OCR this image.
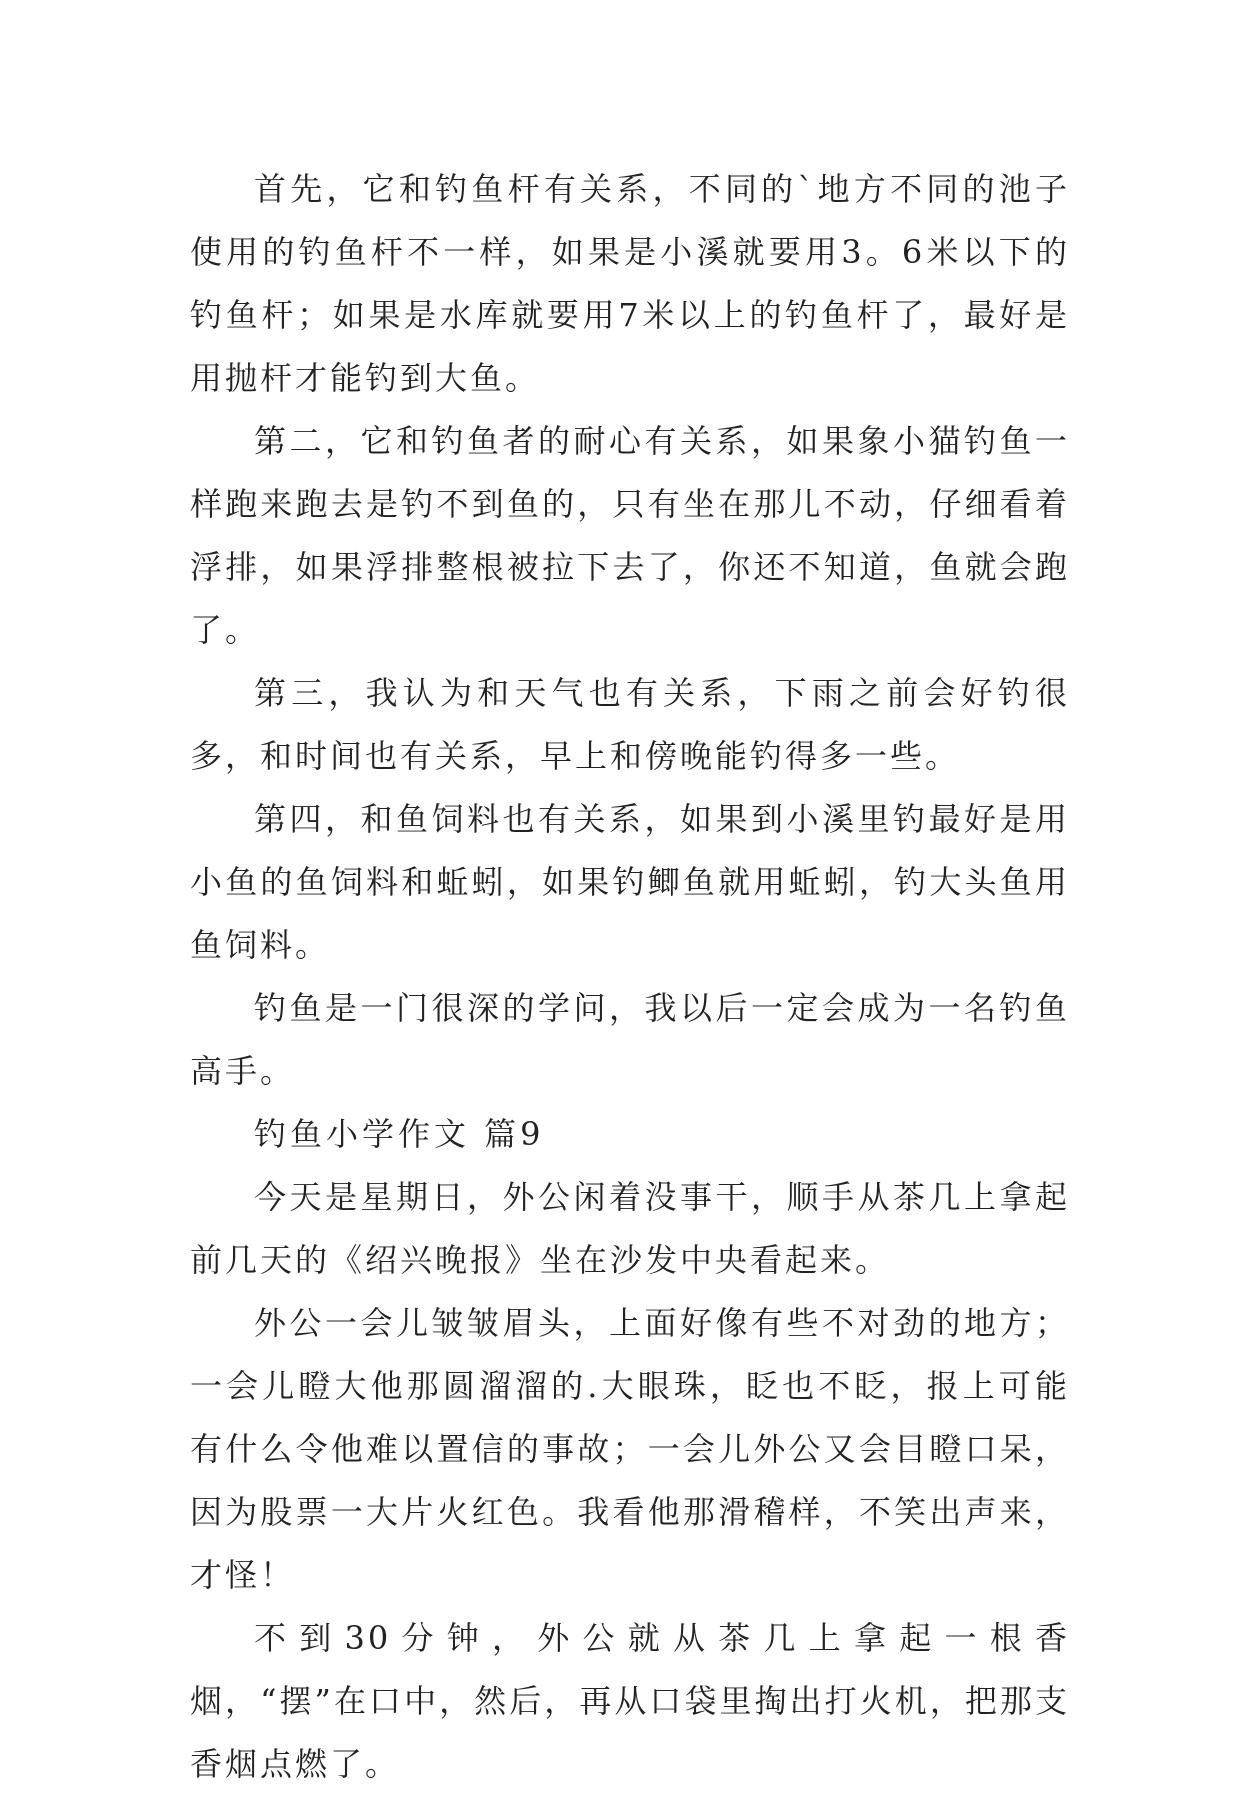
首先，它和钓鱼杆有关系，不同的`地方不同的池子使用的钓鱼杆不一样，如果是小溪就要用3。6米以下的钓鱼杆；如果是水库就要用7米以上的钓鱼杆了，最好是用抛杆才能钓到大鱼。

第二，它和钓鱼者的耐心有关系，如果象小猫钓鱼一样跑来跑去是钓不到鱼的，只有坐在那儿不动，仔细看着浮排，如果浮排整根被拉下去了，你还不知道，鱼就会跑了。

第三，我认为和天气也有关系，下雨之前会好钓很多，和时间也有关系，早上和傍晚能钓得多一些。

第四，和鱼饲料也有关系，如果到小溪里钓最好是用小鱼的鱼饲料和蚯蚓，如果钓鲫鱼就用蚯蚓，钓大头鱼用鱼饲料。

钓鱼是一门很深的学问，我以后一定会成为一名钓鱼高手。

钓鱼小学作文 篇9

今天是星期日，外公闲着没事干，顺手从茶几上拿起前几天的《绍兴晚报》坐在沙发中央看起来。

外公一会儿皱皱眉头，上面好像有些不对劲的地方；一会儿瞪大他那圆溜溜的.大眼珠，眨也不眨，报上可能有什么令他难以置信的事故；一会儿外公又会目瞪口呆，因为股票一大片火红色。我看他那滑稽样，不笑出声来，才怪！

不到30分钟，外公就从茶几上拿起一根香烟，“摆”在口中，然后，再从口袋里掏出打火机，把那支香烟点燃了。
